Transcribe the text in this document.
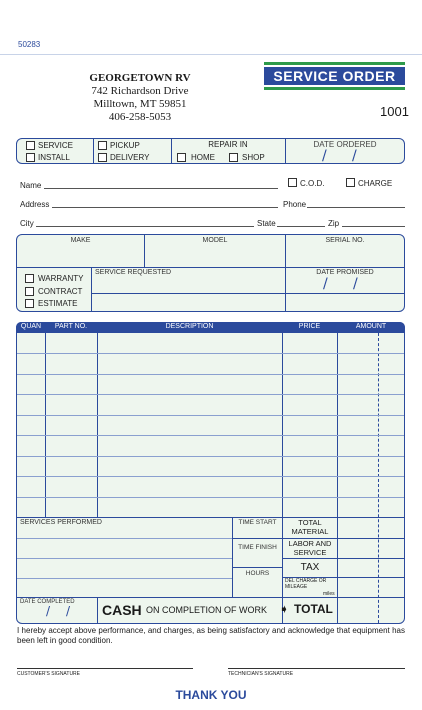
50283
GEORGETOWN RV
742 Richardson Drive
Milltown, MT 59851
406-258-5053
SERVICE ORDER
1001
SERVICE
INSTALL
PICKUP
DELIVERY
REPAIR IN
HOME	SHOP
DATE ORDERED
/ /
Name	C.O.D.	CHARGE
Address	Phone
City	State	Zip
MAKE	MODEL	SERIAL NO.
WARRANTY
CONTRACT
ESTIMATE
SERVICE REQUESTED	DATE PROMISED
/ /
QUAN	PART NO.	DESCRIPTION	PRICE	AMOUNT
SERVICES PERFORMED	TIME START
TIME FINISH
HOURS
TOTAL MATERIAL
LABOR AND SERVICE
TAX
DEL CHARGE OR MILEAGE
miles
DATE COMPLETED
/ / CASH ON COMPLETION OF WORK ➧ TOTAL
I hereby accept above performance, and charges, as being satisfactory and acknowledge that equipment has been left in good condition.
CUSTOMER'S SIGNATURE	TECHNICIAN'S SIGNATURE
THANK YOU
